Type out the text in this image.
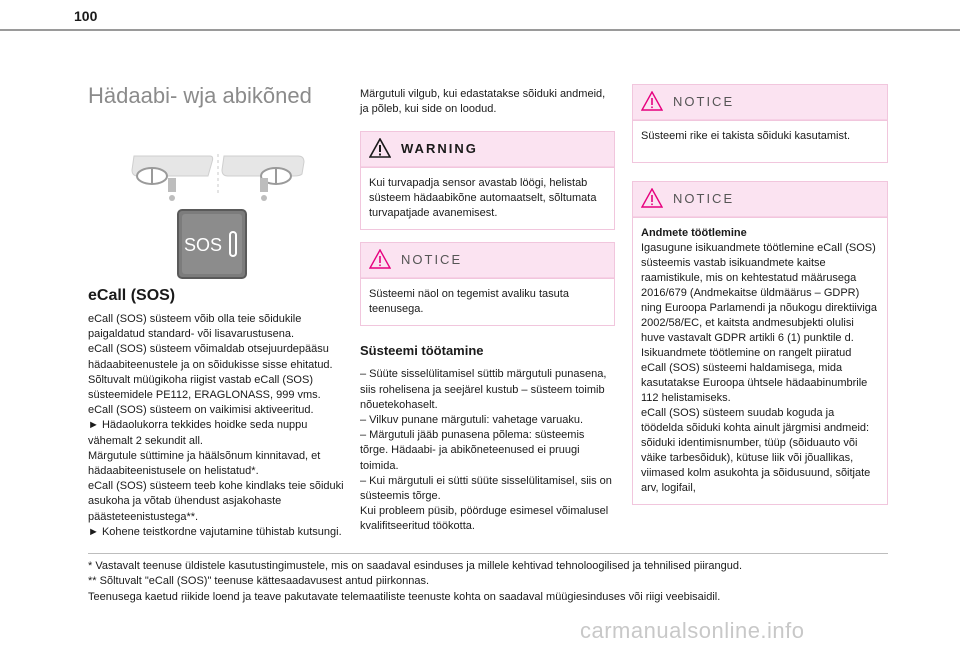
100
Hädaabi- wja abikõned
SOS
eCall (SOS)

eCall (SOS) süsteem võib olla teie sõidukile paigaldatud standard- või lisavarustusena.

eCall (SOS) süsteem võimaldab otsejuurdepääsu hädaabiteenustele ja on sõidukisse sisse ehitatud.

Sõltuvalt müügikoha riigist vastab eCall (SOS) süsteemidele PE112, ERAGLONASS, 999 vms.

eCall (SOS) süsteem on vaikimisi aktiveeritud.

► Hädaolukorra tekkides hoidke seda nuppu vähemalt 2 sekundit all.

Märgutule süttimine ja häälsõnum kinnitavad, et hädaabiteenistusele on helistatud*.

eCall (SOS) süsteem teeb kohe kindlaks teie sõiduki asukoha ja võtab ühendust asjakohaste päästeteenistustega**.

► Kohene teistkordne vajutamine tühistab kutsungi.

Märgutuli vilgub, kui edastatakse sõiduki andmeid, ja põleb, kui side on loodud.

WARNING
Kui turvapadja sensor avastab löögi, helistab süsteem hädaabikõne automaatselt, sõltumata turvapatjade avanemisest.
NOTICE
Süsteemi näol on tegemist avaliku tasuta teenusega.
Süsteemi töötamine

– Süüte sisselülitamisel süttib märgutuli punasena, siis rohelisena ja seejärel kustub – süsteem toimib nõuetekohaselt.

– Vilkuv punane märgutuli: vahetage varuaku.

– Märgutuli jääb punasena põlema: süsteemis tõrge. Hädaabi- ja abikõneteenused ei pruugi toimida.

– Kui märgutuli ei sütti süüte sisselülitamisel, siis on süsteemis tõrge.

Kui probleem püsib, pöörduge esimesel võimalusel kvalifitseeritud töökotta.

NOTICE
Süsteemi rike ei takista sõiduki kasutamist.
NOTICE
Andmete töötlemine
Igasugune isikuandmete töötlemine eCall (SOS) süsteemis vastab isikuandmete kaitse raamistikule, mis on kehtestatud määrusega 2016/679 (Andmekaitse üldmäärus – GDPR) ning Euroopa Parlamendi ja nõukogu direktiiviga 2002/58/EC, et kaitsta andmesubjekti olulisi huve vastavalt GDPR artikli 6 (1) punktile d.
Isikuandmete töötlemine on rangelt piiratud eCall (SOS) süsteemi haldamisega, mida kasutatakse Euroopa ühtsele hädaabinumbrile 112 helistamiseks.
eCall (SOS) süsteem suudab koguda ja töödelda sõiduki kohta ainult järgmisi andmeid: sõiduki identimisnumber, tüüp (sõiduauto või väike tarbesõiduk), kütuse liik või jõuallikas, viimased kolm asukohta ja sõidusuund, sõitjate arv, logifail,

* Vastavalt teenuse üldistele kasutustingimustele, mis on saadaval esinduses ja millele kehtivad tehnoloogilised ja tehnilised piirangud.

** Sõltuvalt "eCall (SOS)" teenuse kättesaadavusest antud piirkonnas.

Teenusega kaetud riikide loend ja teave pakutavate telemaatiliste teenuste kohta on saadaval müügiesinduses või riigi veebisaidil.

carmanualsonline.info
